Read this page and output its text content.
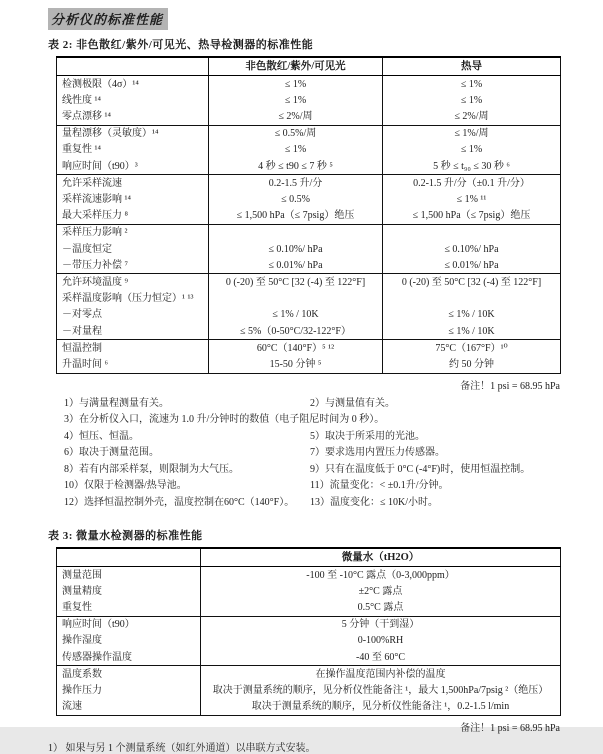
分析仪的标准性能
表 2: 非色散红/紫外/可见光、热导检测器的标准性能
	非色散红/紫外/可见光	热导
检测极限（4σ）¹⁴	≤ 1%	≤ 1%
线性度 ¹⁴	≤ 1%	≤ 1%
零点漂移 ¹⁴	≤ 2%/周	≤ 2%/周
量程漂移（灵敏度）¹⁴	≤ 0.5%/周	≤ 1%/周
重复性 ¹⁴	≤ 1%	≤ 1%
响应时间（t90）³	4 秒 ≤ t90 ≤ 7 秒 ⁵	5 秒 ≤ t₉₀ ≤ 30 秒 ⁶
允许采样流速	0.2-1.5 升/分	0.2-1.5 升/分（±0.1 升/分）
采样流速影响 ¹⁴	≤ 0.5%	≤ 1% ¹¹
最大采样压力 ⁸	≤ 1,500 hPa（≤ 7psig）绝压	≤ 1,500 hPa（≤ 7psig）绝压
采样压力影响 ²		
－温度恒定	≤ 0.10%/ hPa	≤ 0.10%/ hPa
－带压力补偿 ⁷	≤ 0.01%/ hPa	≤ 0.01%/ hPa
允许环境温度 ⁹	0 (-20) 至 50°C [32 (-4) 至 122°F]	0 (-20) 至 50°C [32 (-4) 至 122°F]
采样温度影响（压力恒定）¹ ¹³		
－对零点	≤ 1% / 10K	≤ 1% / 10K
－对量程	≤ 5%（0-50°C/32-122°F）	≤ 1% / 10K
恒温控制	60°C（140°F）⁵ ¹²	75°C（167°F）¹⁰
升温时间 ⁶	15-50 分钟 ⁵	约 50 分钟
备注！1 psi = 68.95 hPa
1）与满量程测量有关。	2）与测量值有关。
3）在分析仪入口，流速为 1.0 升/分钟时的数值（电子阻尼时间为 0 秒）。
4）恒压、恒温。	5）取决于所采用的光池。
6）取决于测量范围。	7）要求选用内置压力传感器。
8）若有内部采样泵，则限制为大气压。	9）只有在温度低于 0°C (-4°F)时，使用恒温控制。
10）仅限于检测器/热导池。	11）流量变化：< ±0.1升/分钟。
12）选择恒温控制外壳，温度控制在60°C（140°F）。	13）温度变化：≤ 10K/小时。
表 3: 微量水检测器的标准性能
	微量水（tH2O）
测量范围	-100 至 -10°C 露点（0-3,000ppm）
测量精度	±2°C 露点
重复性	0.5°C 露点
响应时间（t90）	5 分钟（干到湿）
操作湿度	0-100%RH
传感器操作温度	-40 至 60°C
温度系数	在操作温度范围内补偿的温度
操作压力	取决于测量系统的顺序，见分析仪性能备注 ¹，最大 1,500hPa/7psig ²（绝压）
流速	取决于测量系统的顺序，见分析仪性能备注 ¹，0.2-1.5 l/min
备注！1 psi = 68.95 hPa
1） 如果与另 1 个测量系统（如红外通道）以串联方式安装。
